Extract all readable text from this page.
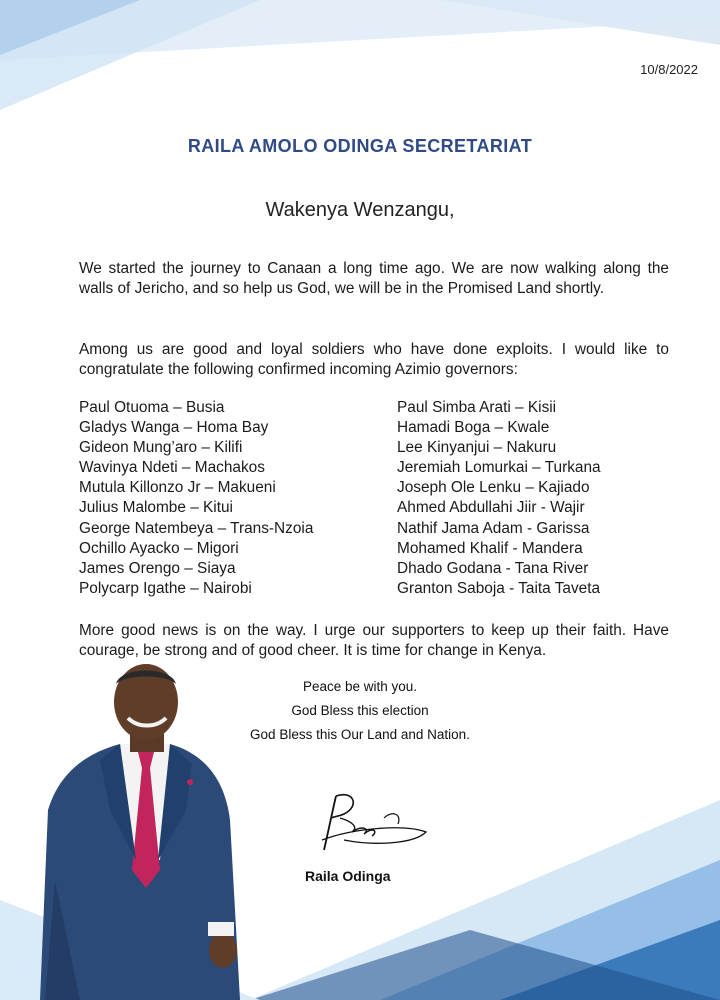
10/8/2022
RAILA AMOLO ODINGA SECRETARIAT
Wakenya Wenzangu,
We started the journey to Canaan a long time ago. We are now walking along the walls of Jericho, and so help us God, we will be in the Promised Land shortly.
Among us are good and loyal soldiers who have done exploits. I would like to congratulate the following confirmed incoming Azimio governors:
Paul Otuoma – Busia
Gladys Wanga – Homa Bay
Gideon Mung’aro – Kilifi
Wavinya Ndeti – Machakos
Mutula Killonzo Jr – Makueni
Julius Malombe – Kitui
George Natembeya – Trans-Nzoia
Ochillo Ayacko – Migori
James Orengo – Siaya
Polycarp Igathe – Nairobi
Paul Simba Arati – Kisii
Hamadi Boga – Kwale
Lee Kinyanjui – Nakuru
Jeremiah Lomurkai – Turkana
Joseph Ole Lenku – Kajiado
Ahmed Abdullahi Jiir - Wajir
Nathif Jama Adam - Garissa
Mohamed Khalif - Mandera
Dhado Godana - Tana River
Granton Saboja - Taita Taveta
More good news is on the way. I urge our supporters to keep up their faith. Have courage, be strong and of good cheer. It is time for change in Kenya.
Peace be with you.
God Bless this election
God Bless this Our Land and Nation.
Raila Odinga
